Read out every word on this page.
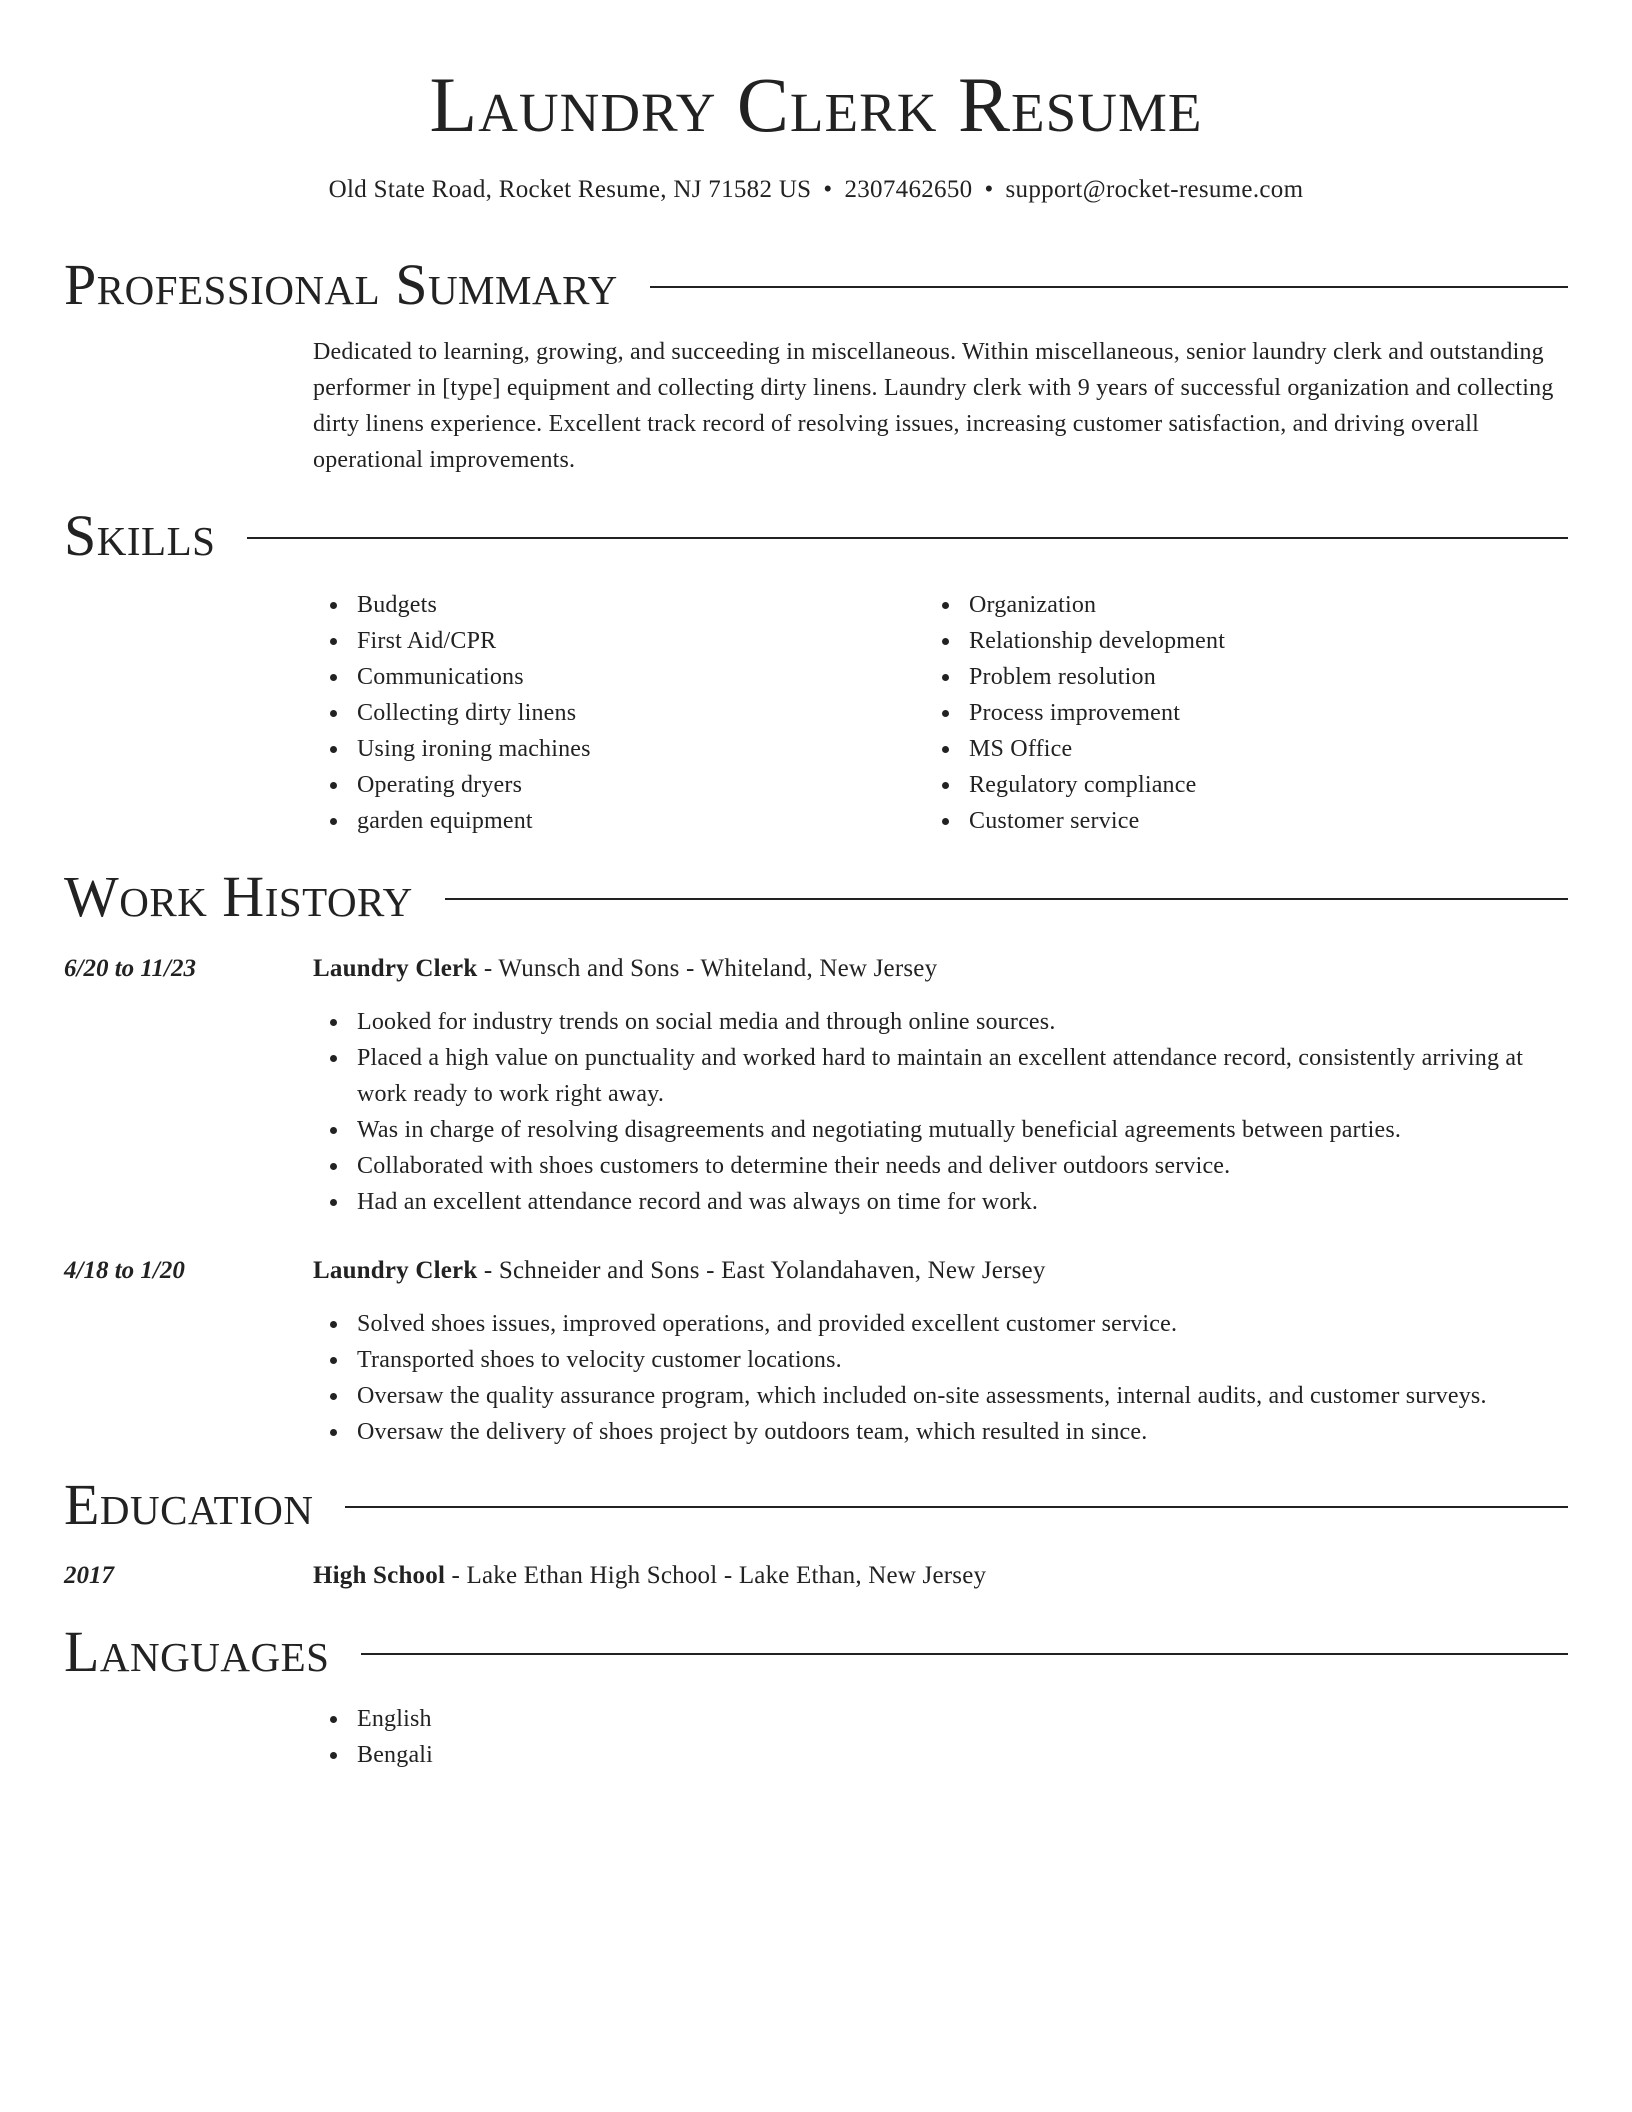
Laundry Clerk Resume
Old State Road, Rocket Resume, NJ 71582 US • 2307462650 • support@rocket-resume.com
Professional Summary

Dedicated to learning, growing, and succeeding in miscellaneous. Within miscellaneous, senior laundry clerk and outstanding performer in [type] equipment and collecting dirty linens. Laundry clerk with 9 years of successful organization and collecting dirty linens experience. Excellent track record of resolving issues, increasing customer satisfaction, and driving overall operational improvements.

Skills
Budgets
First Aid/CPR
Communications
Collecting dirty linens
Using ironing machines
Operating dryers
garden equipment
Organization
Relationship development
Problem resolution
Process improvement
MS Office
Regulatory compliance
Customer service
Work History
6/20 to 11/23	Laundry Clerk - Wunsch and Sons - Whiteland, New Jersey
Looked for industry trends on social media and through online sources.
Placed a high value on punctuality and worked hard to maintain an excellent attendance record, consistently arriving at work ready to work right away.
Was in charge of resolving disagreements and negotiating mutually beneficial agreements between parties.
Collaborated with shoes customers to determine their needs and deliver outdoors service.
Had an excellent attendance record and was always on time for work.
4/18 to 1/20	Laundry Clerk - Schneider and Sons - East Yolandahaven, New Jersey
Solved shoes issues, improved operations, and provided excellent customer service.
Transported shoes to velocity customer locations.
Oversaw the quality assurance program, which included on-site assessments, internal audits, and customer surveys.
Oversaw the delivery of shoes project by outdoors team, which resulted in since.
Education
2017	High School - Lake Ethan High School - Lake Ethan, New Jersey
Languages
English
Bengali
